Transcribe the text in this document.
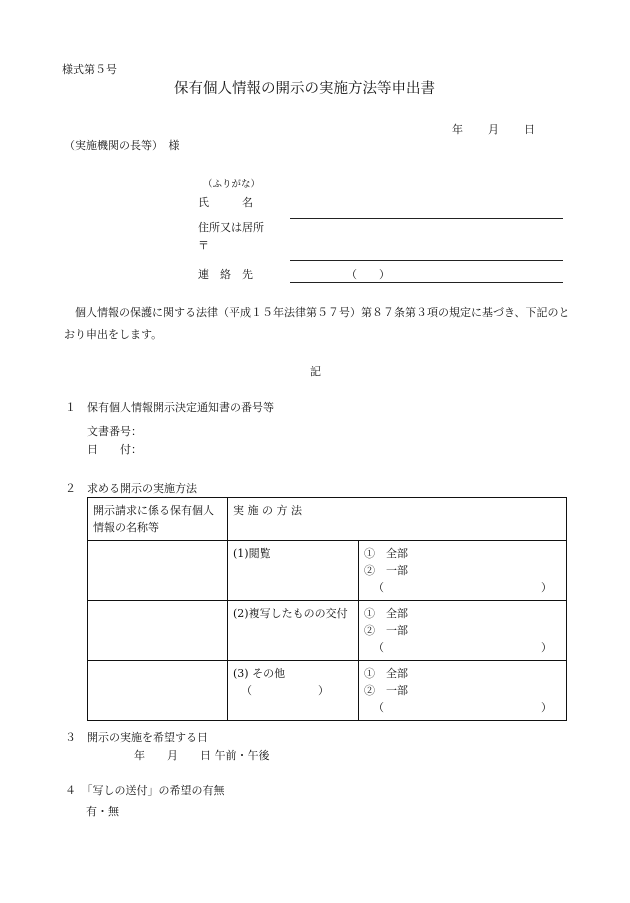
様式第５号
保有個人情報の開示の実施方法等申出書
年 月 日
（実施機関の長等）　様
（ふりがな）
氏　　　名
住所又は居所
〒
連　絡　先	（　　）
個人情報の保護に関する法律（平成１５年法律第５７号）第８７条第３項の規定に基づき、下記のとおり申出をします。
記
１　保有個人情報開示決定通知書の番号等
文書番号：
日　　付：
２　求める開示の実施方法
開示請求に係る保有個人情報の名称等	実 施 の 方 法	
	(1)閲覧	①　全部
②　一部
（ ）

	(2)複写したものの交付	①　全部
②　一部
（ ）

	(3) その他
（ ）	①　全部
②　一部
（ ）
３　開示の実施を希望する日
年　　月　　日 午前・午後
４　「写しの送付」の希望の有無
有・無
